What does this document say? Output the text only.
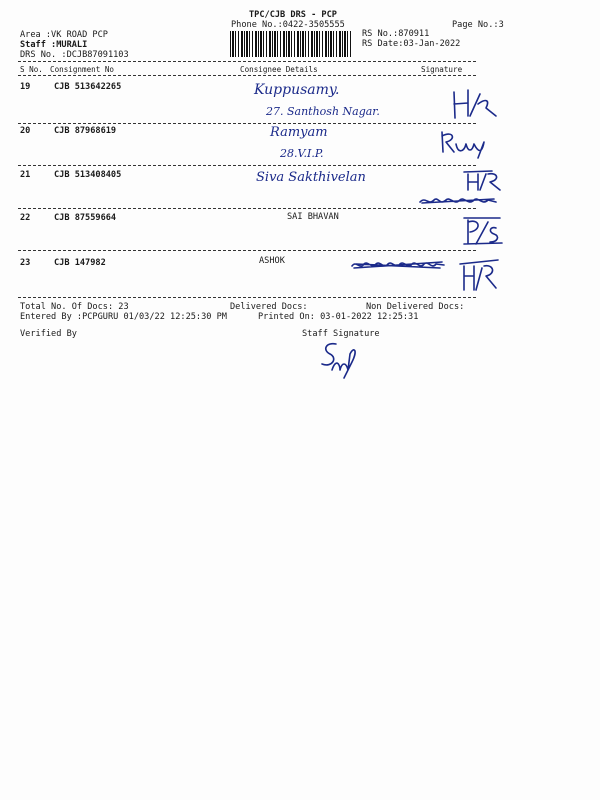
TPC/CJB DRS - PCP
Phone No.:0422-3505555	Page No.:3
Area :VK ROAD PCP
Staff :MURALI
DRS No. :DCJB87091103
RS No.:870911
RS Date:03-Jan-2022
S No. Consignment No	Consignee Details	Signature
19	CJB 513642265	Kuppusamy.
27. Santhosh Nagar.
20	CJB 87968619	Ramyam
28.V.I.P.
21	CJB 513408405	Siva Sakthivelan
22	CJB 87559664	SAI BHAVAN
23	CJB 147982	ASHOK
Total No. Of Docs: 23	Delivered Docs:	Non Delivered Docs:
Entered By :PCPGURU 01/03/22 12:25:30 PM	Printed On: 03-01-2022 12:25:31
Verified By	Staff Signature
